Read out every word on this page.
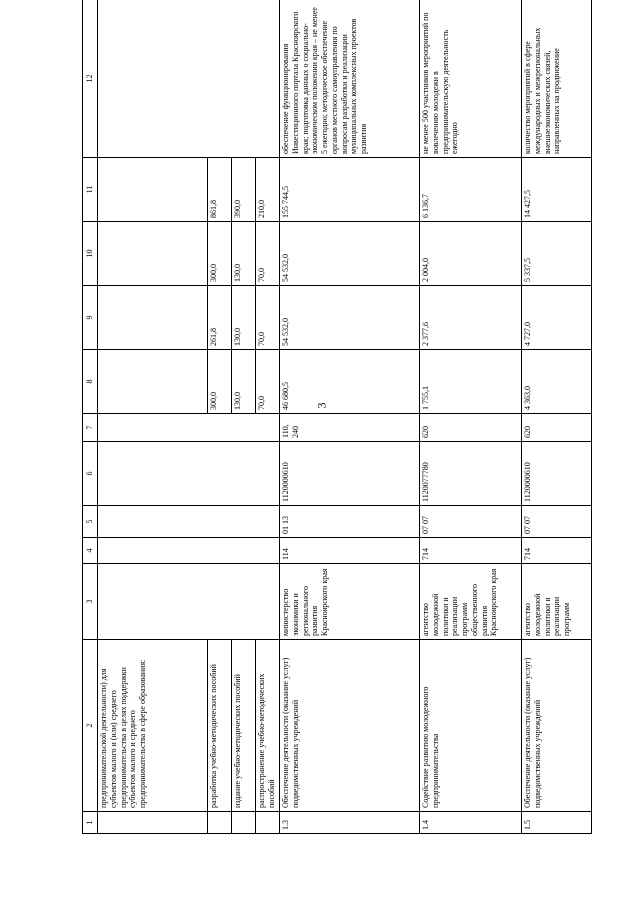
3
1	2	3	4	5	6	7	8	9	10	11	12
	предпринимательской деятельности) для субъектов малого и (или) среднего предпринимательства в целях поддержки субъектов малого и среднего предпринимательства в сфере образования:										
	разработка учебно-методических пособий						300,0	261,8	300,0	861,8	
	издание учебно-методических пособий						130,0	130,0	130,0	390,0	
	распространение учебно-методических пособий						70,0	70,0	70,0	210,0	
1.3	Обеспечение деятельности (оказание услуг) подведомственных учреждений	министерство экономики и регионального развития Красноярского края	114	01 13	1120000610	110, 240	46 680,5	54 532,0	54 532,0	155 744,5	обеспечение функционирования Инвестиционного портала Красноярского края; подготовка данных о социально-экономическом положении края – не менее 5 ежегодно; методическое обеспечение органов местного самоуправления по вопросам разработки и реализации муниципальных комплексных проектов развития
1.4	Содействие развитию молодежного предпринимательства	агентство молодежной политики и реализации программ общественного развития Красноярского края	714	07 07	1120077780	620	1 755,1	2 377,6	2 004,0	6 136,7	не менее 500 участников мероприятий по вовлечению молодежи в предпринимательскую деятельность ежегодно
1.5	Обеспечение деятельности (оказание услуг) подведомственных учреждений	агентство молодежной политики и реализации программ	714	07 07	1120000610	620	4 363,0	4 727,0	5 337,5	14 427,5	количество мероприятий в сфере международных и межрегиональных внешнеэкономических связей, направленных на продвижение
